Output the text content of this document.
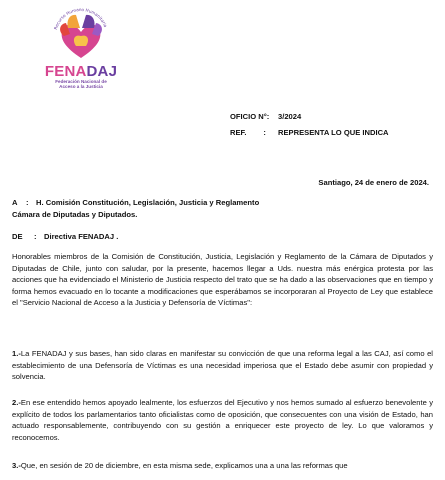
Recurso Humano Humanitaria
FENADAJ
Federación Nacional de
Acceso a la Justicia
OFICIO N°: 3/2024
REF.        : REPRESENTA LO QUE INDICA
Santiago, 24 de enero de 2024.
A : H. Comisión Constitución, Legislación, Justicia y Reglamento
Cámara de Diputadas y Diputados.
DE : Directiva FENADAJ .

Honorables miembros de la Comisión de Constitución, Justicia, Legislación y Reglamento de la Cámara de Diputados y Diputadas de Chile, junto con saludar, por la presente, hacemos llegar a Uds. nuestra más enérgica protesta por las acciones que ha evidenciado el Ministerio de Justicia respecto del trato que se ha dado a las observaciones que en tiempo y forma hemos evacuado en lo tocante a modificaciones que esperábamos se incorporaran al Proyecto de Ley que establece el "Servicio Nacional de Acceso a la Justicia y Defensoría de Víctimas":

1.-La FENADAJ y sus bases, han sido claras en manifestar su convicción de que una reforma legal a las CAJ, así como el establecimiento de una Defensoría de Víctimas es una necesidad imperiosa que el Estado debe asumir con propiedad y solvencia.

2.-En ese entendido hemos apoyado lealmente, los esfuerzos del Ejecutivo y nos hemos sumado al esfuerzo benevolente y explícito de todos los parlamentarios tanto oficialistas como de oposición, que consecuentes con una visión de Estado, han actuado responsablemente, contribuyendo con su gestión a enriquecer este proyecto de ley. Lo que valoramos y reconocemos.

3.-Que, en sesión de 20 de diciembre, en esta misma sede, explicamos una a una las reformas que
